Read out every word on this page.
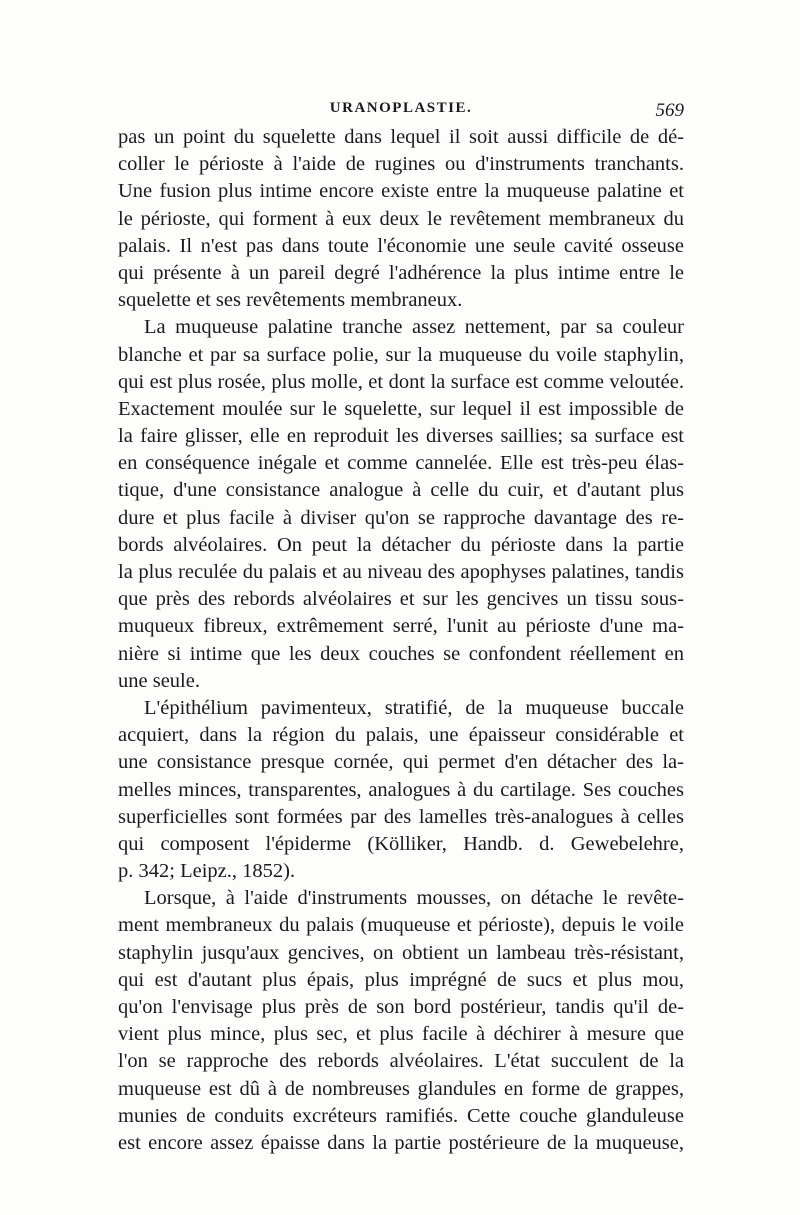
URANOPLASTIE.	569
pas un point du squelette dans lequel il soit aussi difficile de dé-
coller le périoste à l'aide de rugines ou d'instruments tranchants.
Une fusion plus intime encore existe entre la muqueuse palatine et
le périoste, qui forment à eux deux le revêtement membraneux du
palais. Il n'est pas dans toute l'économie une seule cavité osseuse
qui présente à un pareil degré l'adhérence la plus intime entre le
squelette et ses revêtements membraneux.
La muqueuse palatine tranche assez nettement, par sa couleur
blanche et par sa surface polie, sur la muqueuse du voile staphylin,
qui est plus rosée, plus molle, et dont la surface est comme veloutée.
Exactement moulée sur le squelette, sur lequel il est impossible de
la faire glisser, elle en reproduit les diverses saillies; sa surface est
en conséquence inégale et comme cannelée. Elle est très-peu élas-
tique, d'une consistance analogue à celle du cuir, et d'autant plus
dure et plus facile à diviser qu'on se rapproche davantage des re-
bords alvéolaires. On peut la détacher du périoste dans la partie
la plus reculée du palais et au niveau des apophyses palatines, tandis
que près des rebords alvéolaires et sur les gencives un tissu sous-
muqueux fibreux, extrêmement serré, l'unit au périoste d'une ma-
nière si intime que les deux couches se confondent réellement en
une seule.
L'épithélium pavimenteux, stratifié, de la muqueuse buccale
acquiert, dans la région du palais, une épaisseur considérable et
une consistance presque cornée, qui permet d'en détacher des la-
melles minces, transparentes, analogues à du cartilage. Ses couches
superficielles sont formées par des lamelles très-analogues à celles
qui composent l'épiderme (Kölliker, Handb. d. Gewebelehre,
p. 342; Leipz., 1852).
Lorsque, à l'aide d'instruments mousses, on détache le revête-
ment membraneux du palais (muqueuse et périoste), depuis le voile
staphylin jusqu'aux gencives, on obtient un lambeau très-résistant,
qui est d'autant plus épais, plus imprégné de sucs et plus mou,
qu'on l'envisage plus près de son bord postérieur, tandis qu'il de-
vient plus mince, plus sec, et plus facile à déchirer à mesure que
l'on se rapproche des rebords alvéolaires. L'état succulent de la
muqueuse est dû à de nombreuses glandules en forme de grappes,
munies de conduits excréteurs ramifiés. Cette couche glanduleuse
est encore assez épaisse dans la partie postérieure de la muqueuse,
